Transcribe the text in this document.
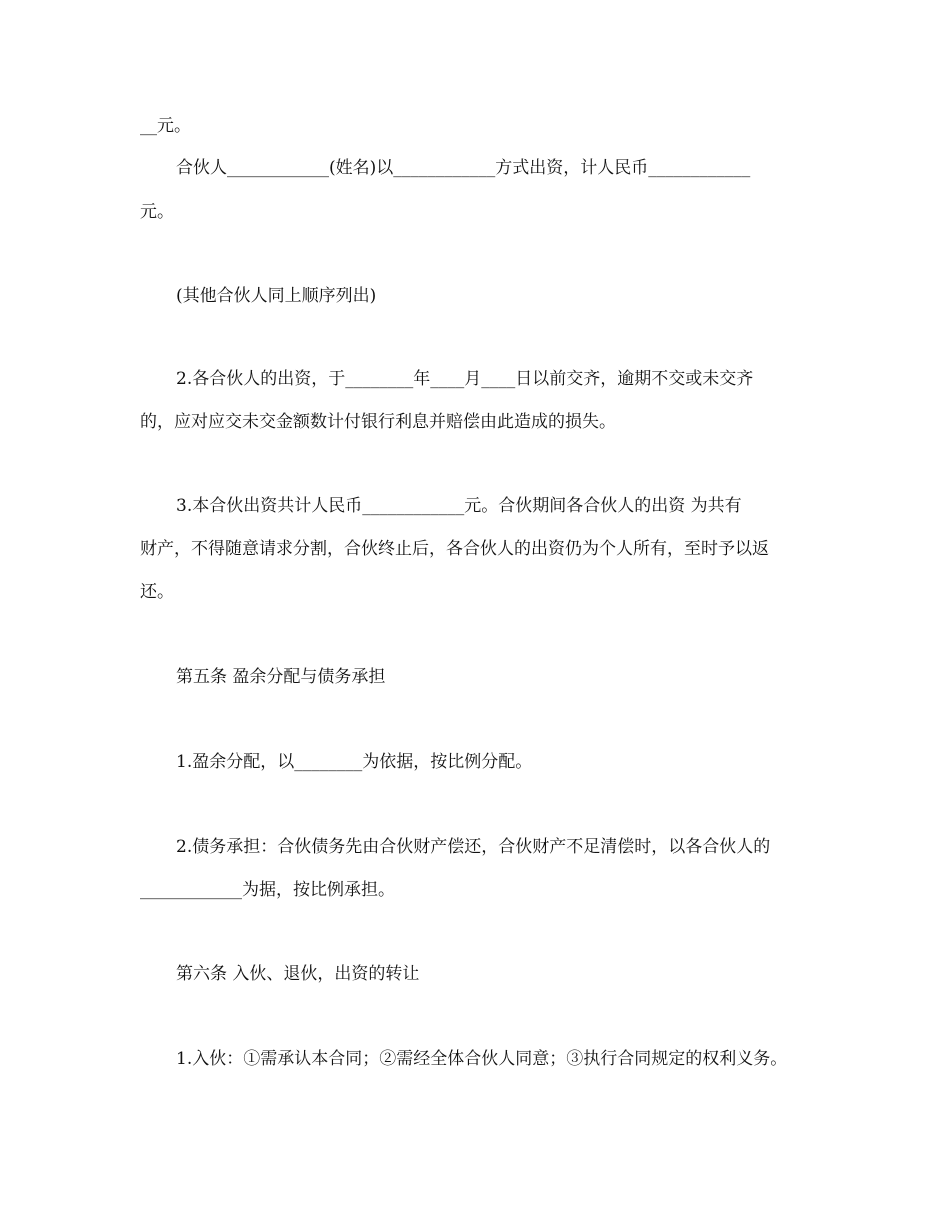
__元。
合伙人____________(姓名)以____________方式出资，计人民币____________
元。
(其他合伙人同上顺序列出)
2.各合伙人的出资，于________年____月____日以前交齐，逾期不交或未交齐
的，应对应交未交金额数计付银行利息并赔偿由此造成的损失。
3.本合伙出资共计人民币____________元。合伙期间各合伙人的出资 为共有
财产，不得随意请求分割，合伙终止后，各合伙人的出资仍为个人所有，至时予以返
还。
第五条 盈余分配与债务承担
1.盈余分配，以________为依据，按比例分配。
2.债务承担：合伙债务先由合伙财产偿还，合伙财产不足清偿时，以各合伙人的
____________为据，按比例承担。
第六条 入伙、退伙，出资的转让
1.入伙：①需承认本合同；②需经全体合伙人同意；③执行合同规定的权利义务。
